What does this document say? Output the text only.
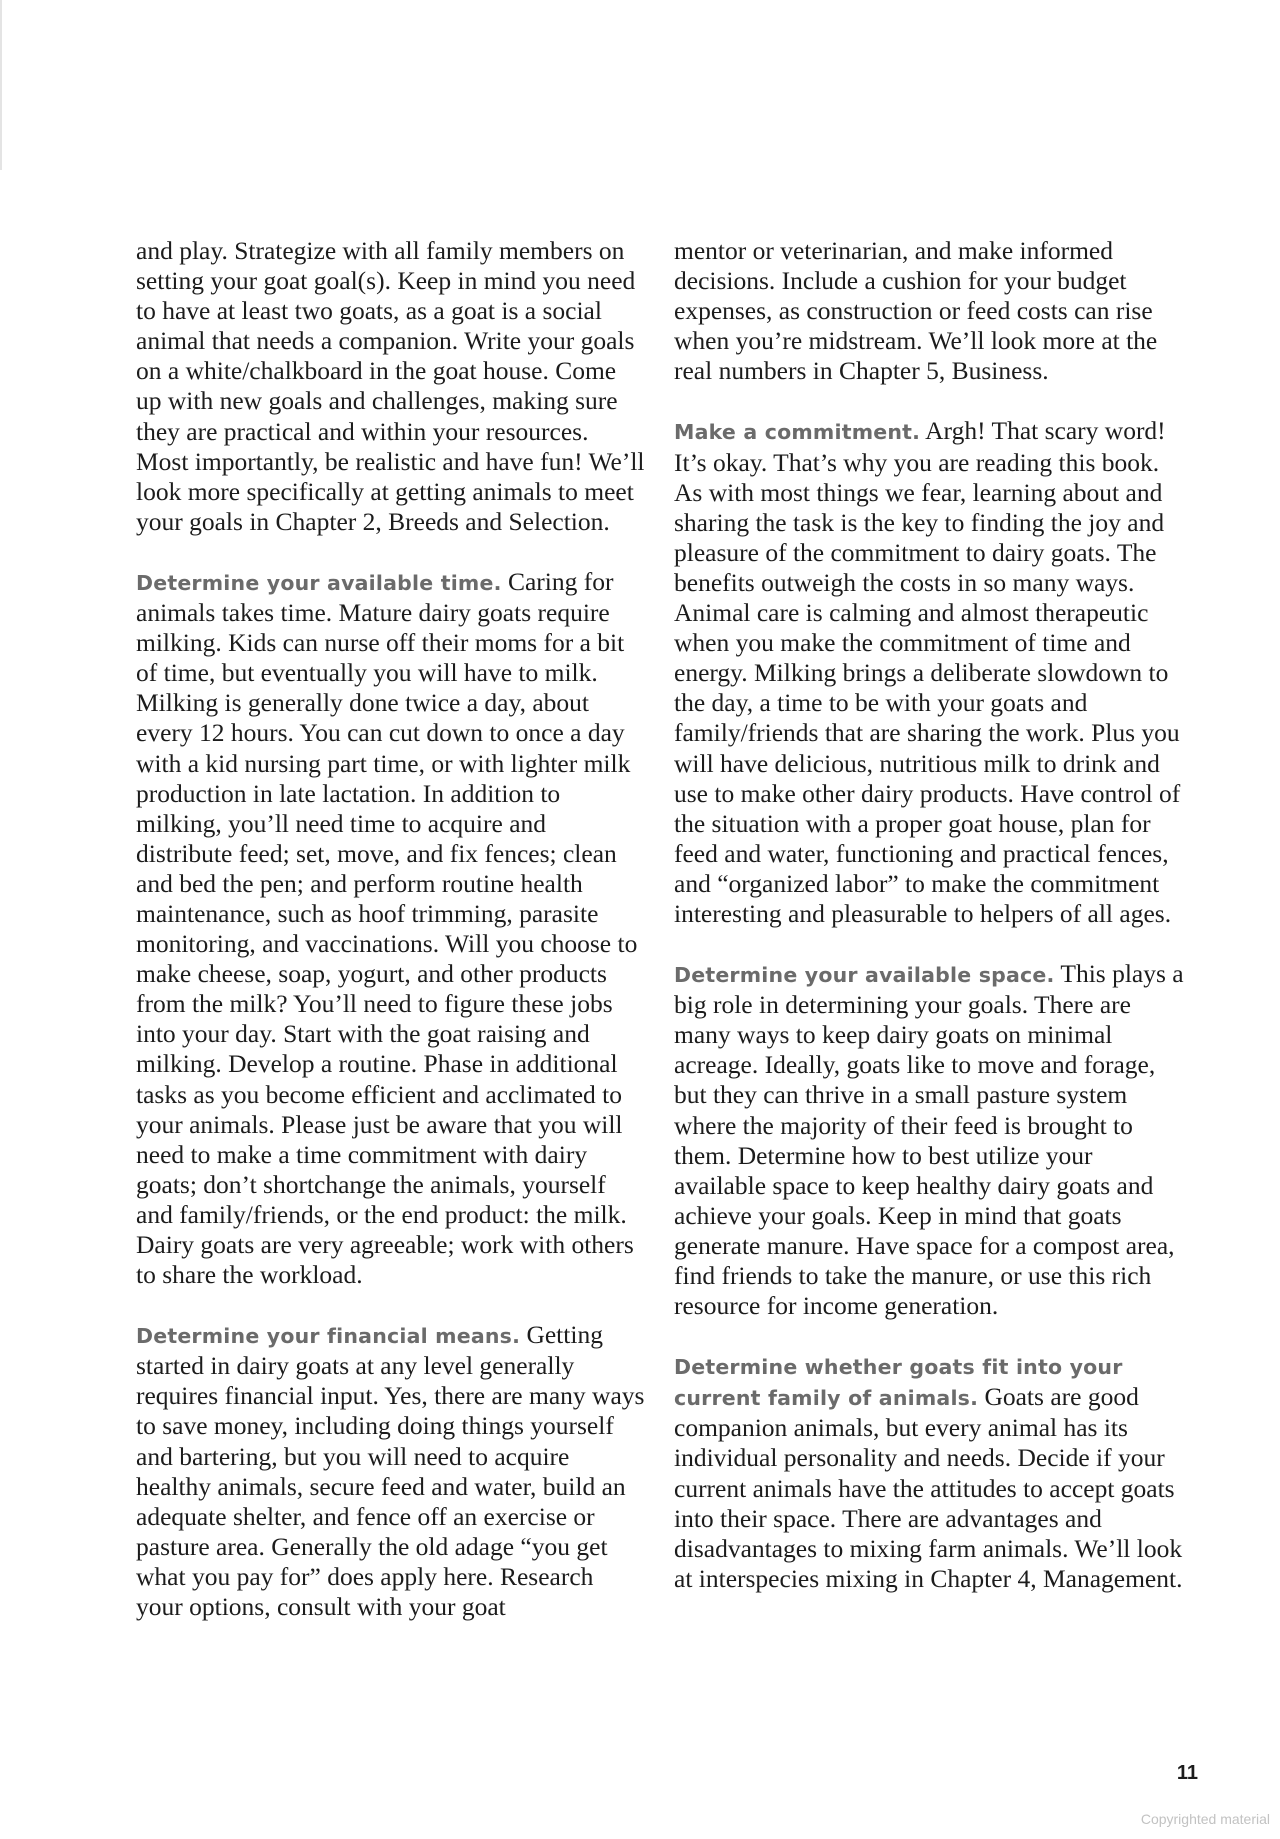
and play. Strategize with all family members on setting your goat goal(s). Keep in mind you need to have at least two goats, as a goat is a social animal that needs a companion. Write your goals on a white/chalkboard in the goat house. Come up with new goals and challenges, making sure they are practical and within your resources. Most importantly, be realistic and have fun! We’ll look more specifically at getting animals to meet your goals in Chapter 2, Breeds and Selection.

Determine your available time. Caring for animals takes time. Mature dairy goats require milking. Kids can nurse off their moms for a bit of time, but eventually you will have to milk. Milking is generally done twice a day, about every 12 hours. You can cut down to once a day with a kid nursing part time, or with lighter milk production in late lactation. In addition to milking, you’ll need time to acquire and distribute feed; set, move, and fix fences; clean and bed the pen; and perform routine health maintenance, such as hoof trimming, parasite monitoring, and vaccinations. Will you choose to make cheese, soap, yogurt, and other products from the milk? You’ll need to figure these jobs into your day. Start with the goat raising and milking. Develop a routine. Phase in additional tasks as you become efficient and acclimated to your animals. Please just be aware that you will need to make a time commitment with dairy goats; don’t shortchange the animals, yourself and family/friends, or the end product: the milk. Dairy goats are very agreeable; work with others to share the workload.

Determine your financial means. Getting started in dairy goats at any level generally requires financial input. Yes, there are many ways to save money, including doing things yourself and bartering, but you will need to acquire healthy animals, secure feed and water, build an adequate shelter, and fence off an exercise or pasture area. Generally the old adage “you get what you pay for” does apply here. Research your options, consult with your goat

mentor or veterinarian, and make informed decisions. Include a cushion for your budget expenses, as construction or feed costs can rise when you’re midstream. We’ll look more at the real numbers in Chapter 5, Business.

Make a commitment. Argh! That scary word! It’s okay. That’s why you are reading this book. As with most things we fear, learning about and sharing the task is the key to finding the joy and pleasure of the commitment to dairy goats. The benefits outweigh the costs in so many ways. Animal care is calming and almost therapeutic when you make the commitment of time and energy. Milking brings a deliberate slowdown to the day, a time to be with your goats and family/friends that are sharing the work. Plus you will have delicious, nutritious milk to drink and use to make other dairy products. Have control of the situation with a proper goat house, plan for feed and water, functioning and practical fences, and “organized labor” to make the commitment interesting and pleasurable to helpers of all ages.

Determine your available space. This plays a big role in determining your goals. There are many ways to keep dairy goats on minimal acreage. Ideally, goats like to move and forage, but they can thrive in a small pasture system where the majority of their feed is brought to them. Determine how to best utilize your available space to keep healthy dairy goats and achieve your goals. Keep in mind that goats generate manure. Have space for a compost area, find friends to take the manure, or use this rich resource for income generation.

Determine whether goats fit into your current family of animals. Goats are good companion animals, but every animal has its individual personality and needs. Decide if your current animals have the attitudes to accept goats into their space. There are advantages and disadvantages to mixing farm animals. We’ll look at interspecies mixing in Chapter 4, Management.

11
Copyrighted material
